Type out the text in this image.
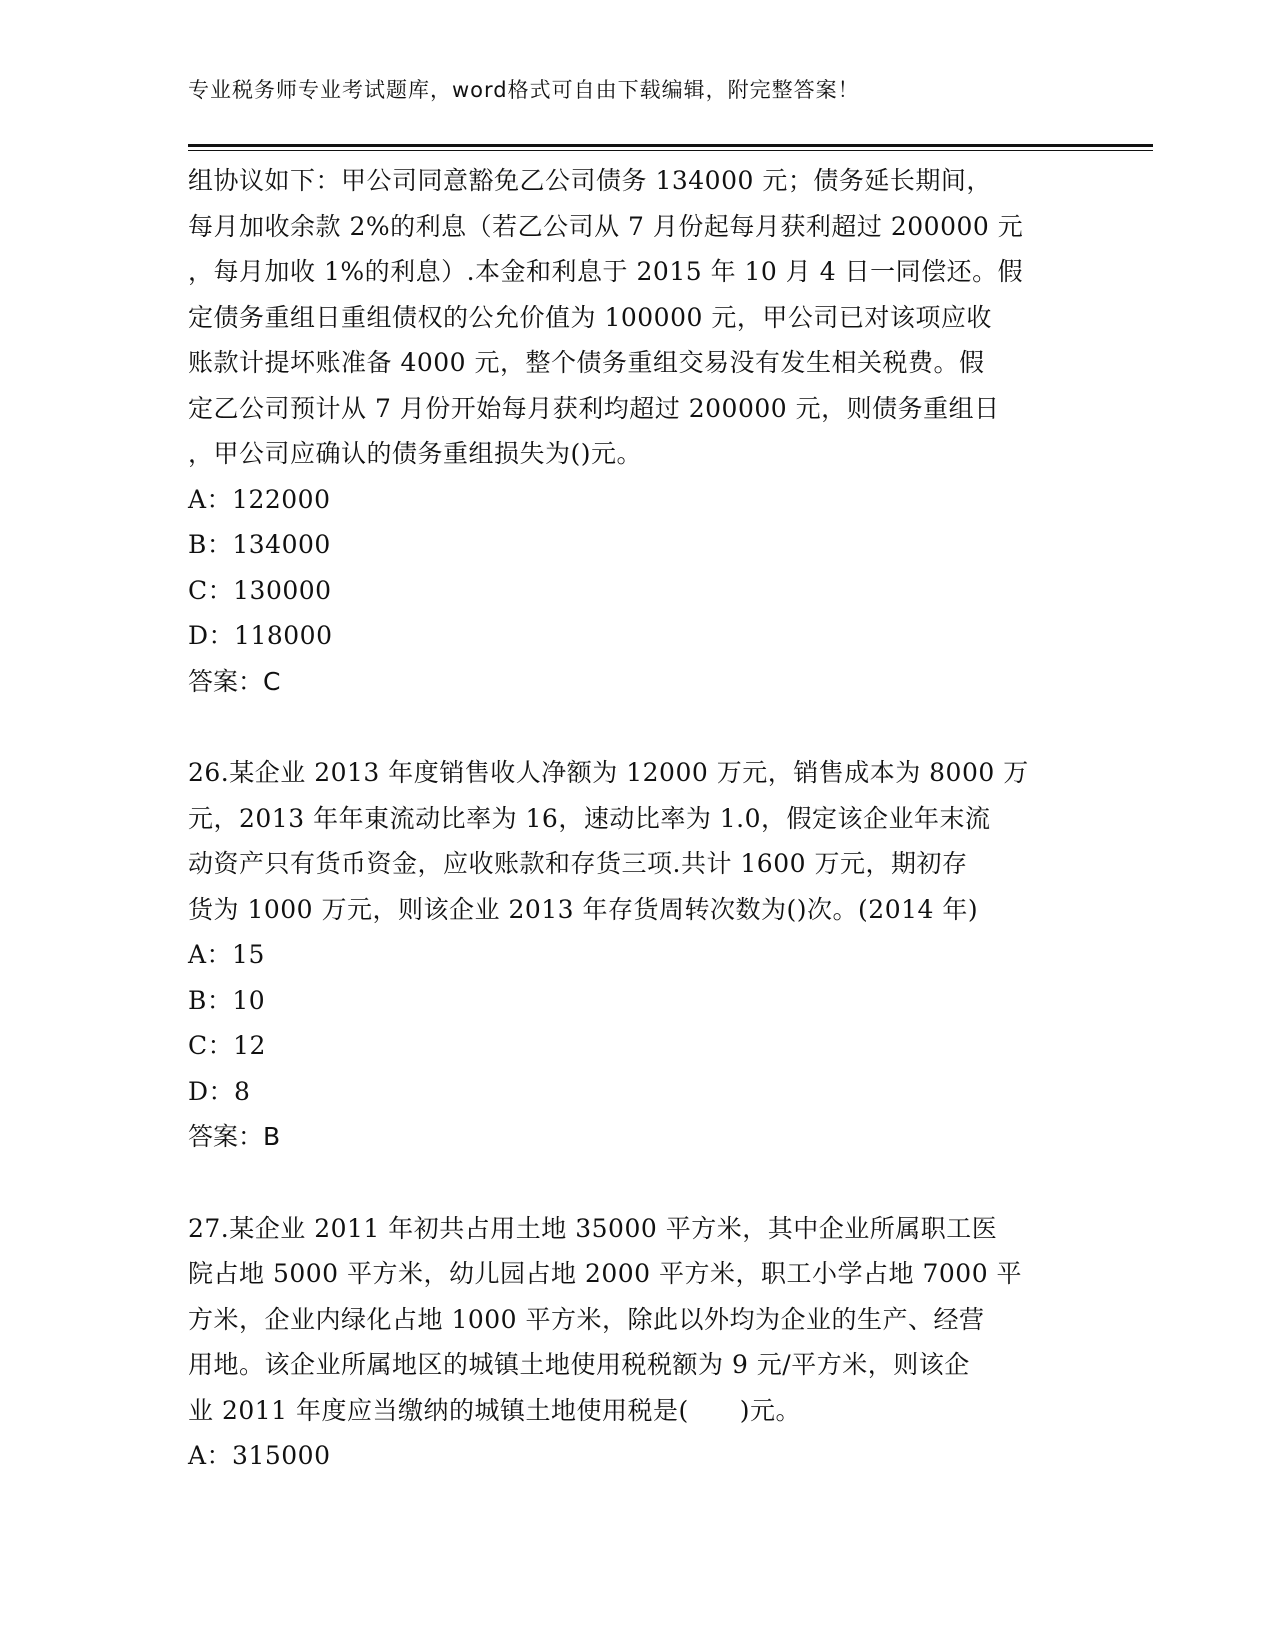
专业税务师专业考试题库，word格式可自由下载编辑，附完整答案！
组协议如下：甲公司同意豁免乙公司债务 134000 元；债务延长期间，
每月加收余款 2%的利息（若乙公司从 7 月份起每月获利超过 200000 元
，每月加收 1%的利息）.本金和利息于 2015 年 10 月 4 日一同偿还。假
定债务重组日重组债权的公允价值为 100000 元，甲公司已对该项应收
账款计提坏账准备 4000 元，整个债务重组交易没有发生相关税费。假
定乙公司预计从 7 月份开始每月获利均超过 200000 元，则债务重组日
，甲公司应确认的债务重组损失为()元。
A：122000
B：134000
C：130000
D：118000
答案：C
26.某企业 2013 年度销售收人净额为 12000 万元，销售成本为 8000 万
元，2013 年年東流动比率为 16，速动比率为 1.0，假定该企业年末流
动资产只有货币资金，应收账款和存货三项.共计 1600 万元，期初存
货为 1000 万元，则该企业 2013 年存货周转次数为()次。(2014 年)
A：15
B：10
C：12
D：8
答案：B
27.某企业 2011 年初共占用土地 35000 平方米，其中企业所属职工医
院占地 5000 平方米，幼儿园占地 2000 平方米，职工小学占地 7000 平
方米，企业内绿化占地 1000 平方米，除此以外均为企业的生产、经营
用地。该企业所属地区的城镇土地使用税税额为 9 元/平方米，则该企
业 2011 年度应当缴纳的城镇土地使用税是(　　)元。
A：315000
